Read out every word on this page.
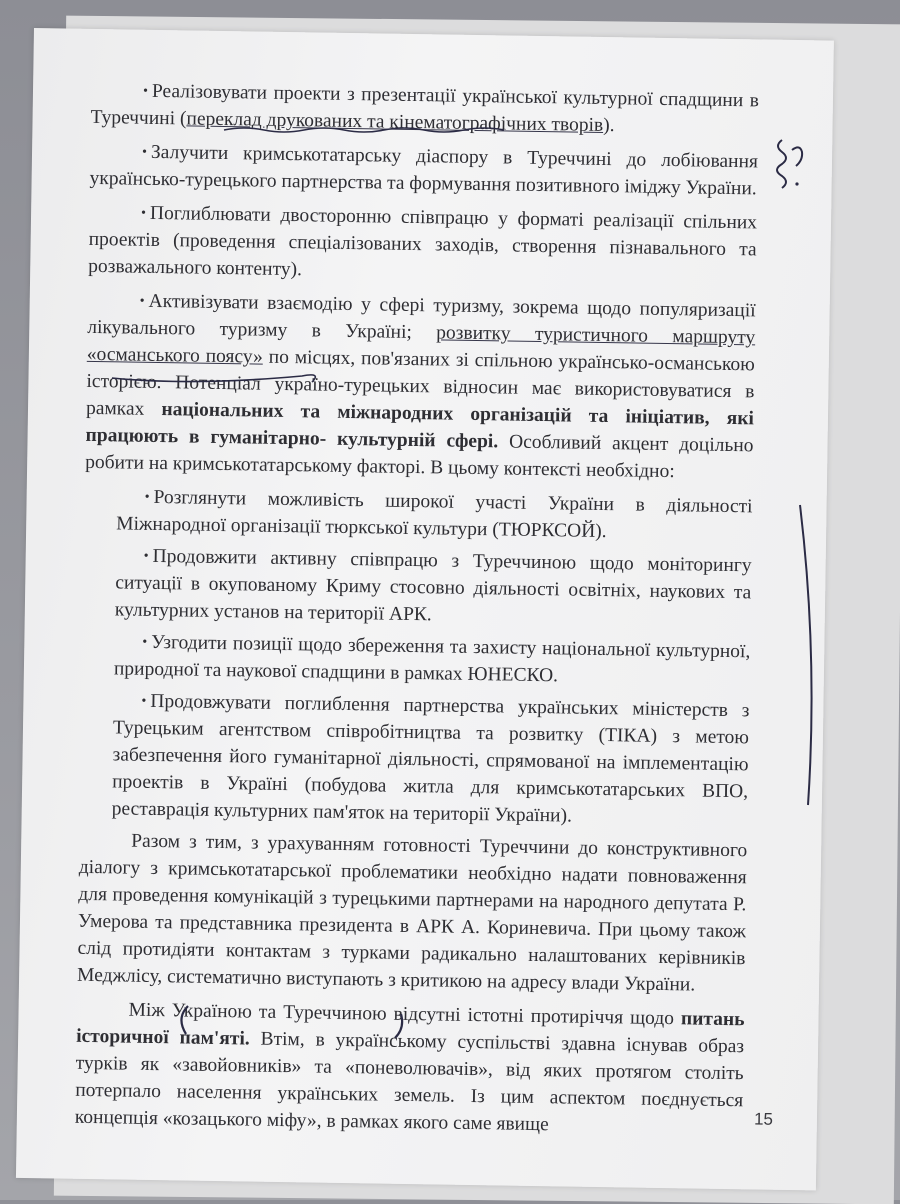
• Реалізовувати проекти з презентації української культурної спадщини в Туреччині (переклад друкованих та кінематографічних творів).

• Залучити кримськотатарську діаспору в Туреччині до лобіювання українсько-турецького партнерства та формування позитивного іміджу України.

• Поглиблювати двосторонню співпрацю у форматі реалізації спільних проектів (проведення спеціалізованих заходів, створення пізнавального та розважального контенту).

• Активізувати взаємодію у сфері туризму, зокрема щодо популяризації лікувального туризму в Україні; розвитку туристичного маршруту «османського поясу» по місцях, пов'язаних зі спільною українсько-османською історією. Потенціал україно-турецьких відносин має використовуватися в рамках національних та міжнародних організацій та ініціатив, які працюють в гуманітарно- культурній сфері. Особливий акцент доцільно робити на кримськотатарському факторі. В цьому контексті необхідно:

• Розглянути можливість широкої участі України в діяльності Міжнародної організації тюркської культури (ТЮРКСОЙ).

• Продовжити активну співпрацю з Туреччиною щодо моніторингу ситуації в окупованому Криму стосовно діяльності освітніх, наукових та культурних установ на території АРК.

• Узгодити позиції щодо збереження та захисту національної культурної, природної та наукової спадщини в рамках ЮНЕСКО.

• Продовжувати поглиблення партнерства українських міністерств з Турецьким агентством співробітництва та розвитку (ТІКА) з метою забезпечення його гуманітарної діяльності, спрямованої на імплементацію проектів в Україні (побудова житла для кримськотатарських ВПО, реставрація культурних пам'яток на території України).

Разом з тим, з урахуванням готовності Туреччини до конструктивного діалогу з кримськотатарської проблематики необхідно надати повноваження для проведення комунікацій з турецькими партнерами на народного депутата Р. Умерова та представника президента в АРК А. Кориневича. При цьому також слід протидіяти контактам з турками радикально налаштованих керівників Меджлісу, систематично виступають з критикою на адресу влади України.

Між Україною та Туреччиною відсутні істотні протиріччя щодо питань історичної пам'яті. Втім, в українському суспільстві здавна існував образ турків як «завойовників» та «поневолювачів», від яких протягом століть потерпало населення українських земель. Із цим аспектом поєднується концепція «козацького міфу», в рамках якого саме явище	15
